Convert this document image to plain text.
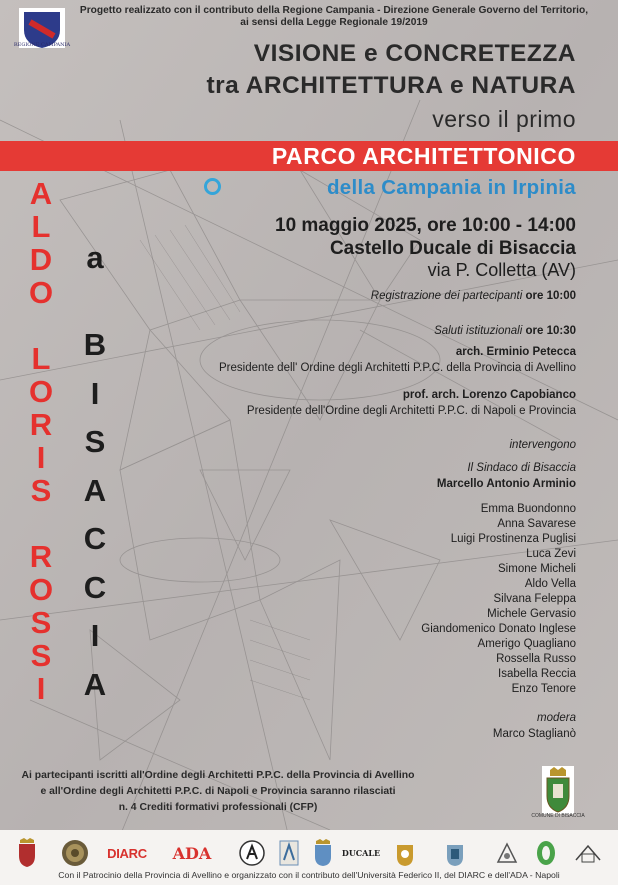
REGIONE CAMPANIA
Progetto realizzato con il contributo della Regione Campania - Direzione Generale Governo del Territorio,
ai sensi della Legge Regionale 19/2019
VISIONE e CONCRETEZZA
tra ARCHITETTURA e NATURA
verso il primo
PARCO ARCHITETTONICO
della Campania in Irpinia
10 maggio 2025, ore 10:00 - 14:00
Castello Ducale di Bisaccia
via P. Colletta (AV)
A
L
D
O
L
O
R
I
S
R
O
S
S
I
a
B
I
S
A
C
C
I
A
Registrazione dei partecipanti ore 10:00
Saluti istituzionali ore 10:30
arch. Erminio Petecca
Presidente dell' Ordine degli Architetti P.P.C. della Provincia di Avellino
prof. arch. Lorenzo Capobianco
Presidente dell'Ordine degli Architetti P.P.C. di Napoli e Provincia
intervengono
Il Sindaco di Bisaccia
Marcello Antonio Arminio
Emma Buondonno
Anna Savarese
Luigi Prostinenza Puglisi
Luca Zevi
Simone Micheli
Aldo Vella
Silvana Feleppa
Michele Gervasio
Giandomenico Donato Inglese
Amerigo Quagliano
Rossella Russo
Isabella Reccia
Enzo Tenore
modera
Marco Staglianò
Ai partecipanti iscritti all'Ordine degli Architetti P.P.C. della Provincia di Avellino
e all'Ordine degli Architetti P.P.C. di Napoli e Provincia saranno rilasciati
n. 4 Crediti formativi professionali (CFP)
COMUNE DI BISACCIA
DIARC	ADA	DUCALE
Con il Patrocinio della Provincia di Avellino e organizzato con il contributo dell'Università Federico II, del DIARC e dell'ADA - Napoli
